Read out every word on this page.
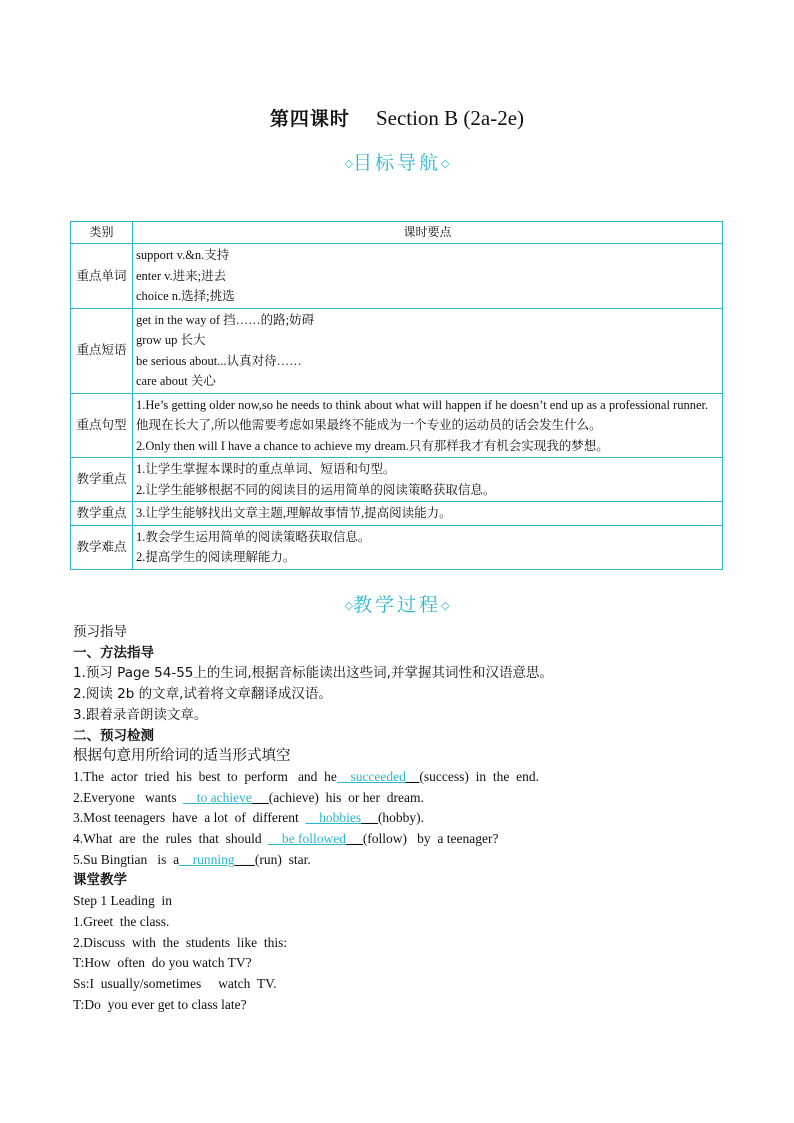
第四课时 Section B (2a-2e)
◇目标导航◇
类别	课时要点
重点单词	support v.&n.支持
enter v.进来;进去
choice n.选择;挑选

重点短语	get in the way of 挡……的路;妨碍
grow up 长大
be serious about...认真对待……
care about 关心

重点句型	1.He’s getting older now,so he needs to think about what will happen if he doesn’t end up as a professional runner.他现在长大了,所以他需要考虑如果最终不能成为一个专业的运动员的话会发生什么。
2.Only then will I have a chance to achieve my dream.只有那样我才有机会实现我的梦想。

教学重点	1.让学生掌握本课时的重点单词、短语和句型。
2.让学生能够根据不同的阅读目的运用简单的阅读策略获取信息。

教学重点	3.让学生能够找出文章主题,理解故事情节,提高阅读能力。

教学难点	1.教会学生运用简单的阅读策略获取信息。
2.提高学生的阅读理解能力。
◇教学过程◇
预习指导
一、方法指导
1.预习 Page 54-55上的生词,根据音标能读出这些词,并掌握其词性和汉语意思。
2.阅读 2b 的文章,试着将文章翻译成汉语。
3.跟着录音朗读文章。
二、预习检测
根据句意用所给词的适当形式填空
1.The  actor  tried  his  best  to  perform   and  he__succeeded__(success)  in  the  end.
2.Everyone   wants  __to achieve __(achieve)  his  or her  dream.
3.Most teenagers  have  a lot  of  different  __hobbies __(hobby).
4.What  are  the  rules  that  should  __be followed __(follow)   by  a teenager?
5.Su Bingtian   is  a__running  __(run)  star.
课堂教学
Step 1 Leading  in
1.Greet  the class.
2.Discuss  with  the  students  like  this:
T:How  often  do you watch TV?
Ss:I  usually/sometimes     watch  TV.
T:Do  you ever get to class late?
